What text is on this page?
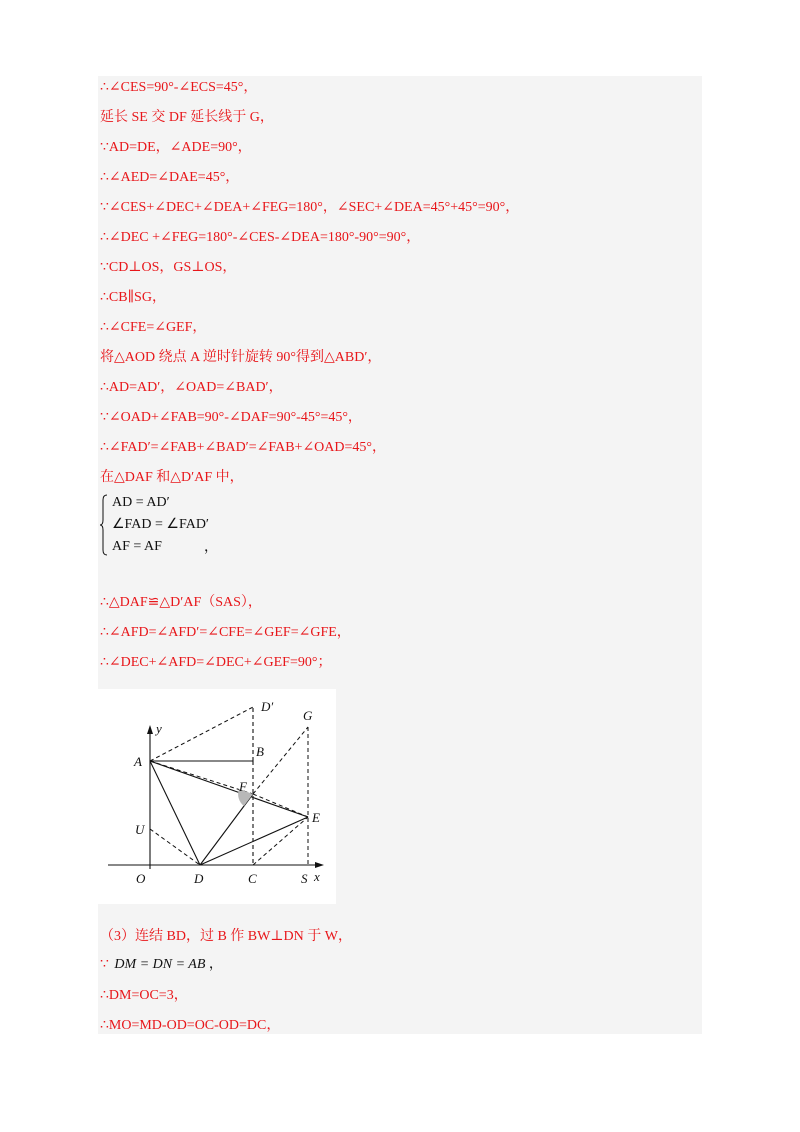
∴∠CES=90°-∠ECS=45°，
延长 SE 交 DF 延长线于 G，
∵AD=DE，∠ADE=90°，
∴∠AED=∠DAE=45°，
∵∠CES+∠DEC+∠DEA+∠FEG=180°，∠SEC+∠DEA=45°+45°=90°，
∴∠DEC +∠FEG=180°-∠CES-∠DEA=180°-90°=90°，
∵CD⊥OS，GS⊥OS，
∴CB∥SG，
∴∠CFE=∠GEF，
将△AOD 绕点 A 逆时针旋转 90°得到△ABD′，
∴AD=AD′，∠OAD=∠BAD′，
∵∠OAD+∠FAB=90°-∠DAF=90°-45°=45°，
∴∠FAD′=∠FAB+∠BAD′=∠FAB+∠OAD=45°，
在△DAF 和△D′AF 中，
AD = AD′
∠FAD = ∠FAD′
AF = AF	，
∴△DAF≌△D′AF（SAS），
∴∠AFD=∠AFD′=∠CFE=∠GEF=∠GFE，
∴∠DEC+∠AFD=∠DEC+∠GEF=90°；
y
x
A
B
D′
G
F
E
U
O	D	C	S
（3）连结 BD，过 B 作 BW⊥DN 于 W，
∵ DM = DN = AB ，
∴DM=OC=3，
∴MO=MD-OD=OC-OD=DC，
